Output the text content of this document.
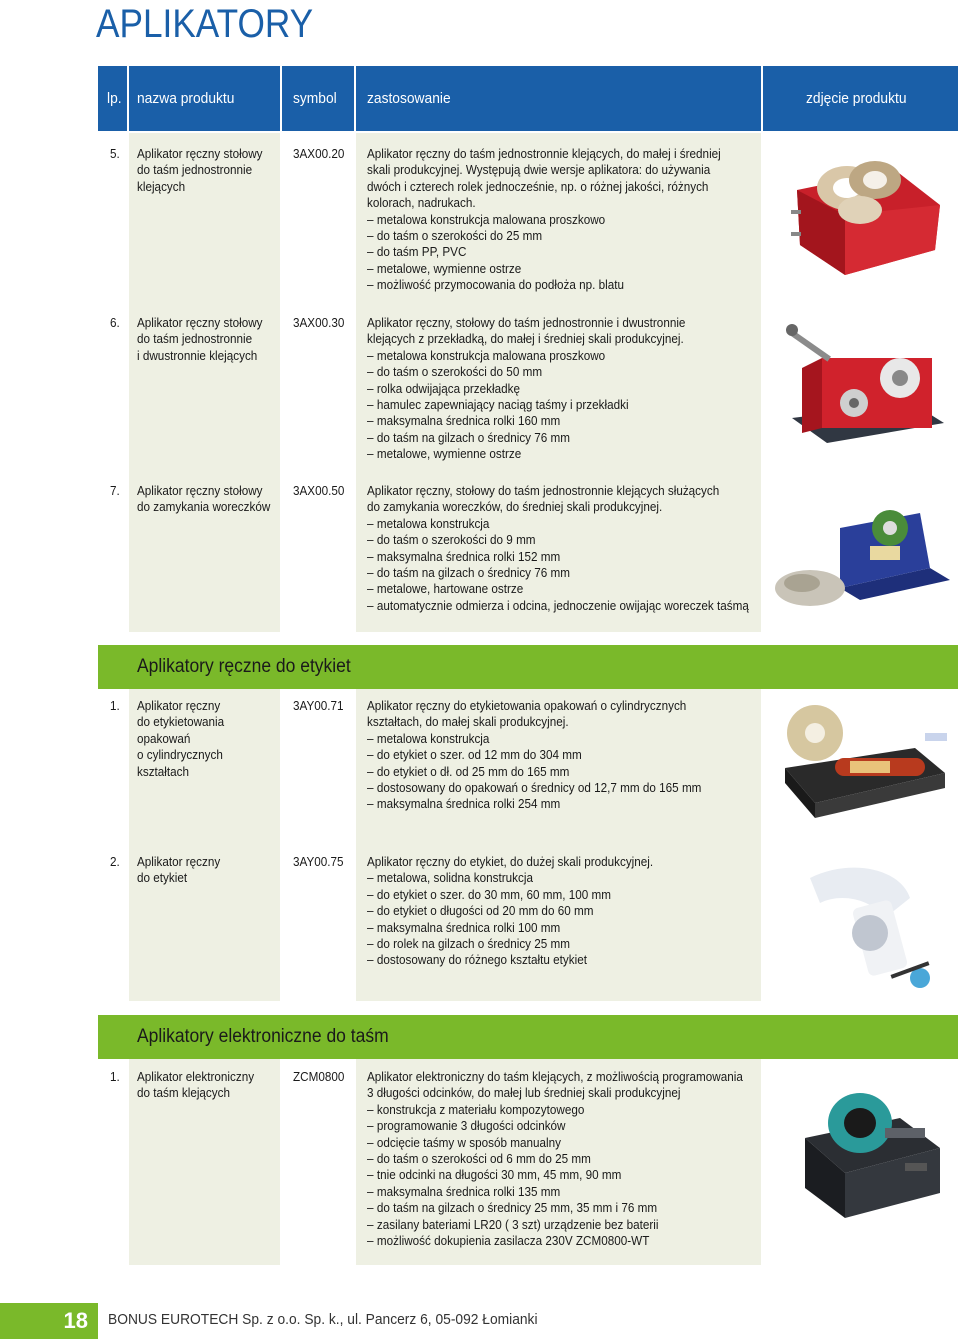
APLIKATORY
lp. nazwa produktu	symbol zastosowanie	zdjęcie produktu
5. Aplikator ręczny stołowy
do taśm jednostronnie
klejących
3AX00.20 Aplikator ręczny do taśm jednostronnie klejących, do małej i średniej
skali produkcyjnej. Występują dwie wersje aplikatora: do używania
dwóch i czterech rolek jednocześnie, np. o różnej jakości, różnych
kolorach, nadrukach.
– metalowa konstrukcja malowana proszkowo
– do taśm o szerokości do 25 mm
– do taśm PP, PVC
– metalowe, wymienne ostrze
– możliwość przymocowania do podłoża np. blatu
6. Aplikator ręczny stołowy
do taśm jednostronnie
i dwustronnie klejących
3AX00.30 Aplikator ręczny, stołowy do taśm jednostronnie i dwustronnie
klejących z przekładką, do małej i średniej skali produkcyjnej.
– metalowa konstrukcja malowana proszkowo
– do taśm o szerokości do 50 mm
– rolka odwijająca przekładkę
– hamulec zapewniający naciąg taśmy i przekładki
– maksymalna średnica rolki 160 mm
– do taśm na gilzach o średnicy 76 mm
– metalowe, wymienne ostrze
7. Aplikator ręczny stołowy
do zamykania woreczków
3AX00.50 Aplikator ręczny, stołowy do taśm jednostronnie klejących służących
do zamykania woreczków, do średniej skali produkcyjnej.
– metalowa konstrukcja
– do taśm o szerokości do 9 mm
– maksymalna średnica rolki 152 mm
– do taśm na gilzach o średnicy 76 mm
– metalowe, hartowane ostrze
– automatycznie odmierza i odcina, jednoczenie owijając woreczek taśmą
Aplikatory ręczne do etykiet
1. Aplikator ręczny
do etykietowania
opakowań
o cylindrycznych
kształtach
3AY00.71 Aplikator ręczny do etykietowania opakowań o cylindrycznych
kształtach, do małej skali produkcyjnej.
– metalowa konstrukcja
– do etykiet o szer. od 12 mm do 304 mm
– do etykiet o dł. od 25 mm do 165 mm
– dostosowany do opakowań o średnicy od 12,7 mm do 165 mm
– maksymalna średnica rolki 254 mm
2. Aplikator ręczny
do etykiet
3AY00.75 Aplikator ręczny do etykiet, do dużej skali produkcyjnej.
– metalowa, solidna konstrukcja
– do etykiet o szer. do 30 mm, 60 mm, 100 mm
– do etykiet o długości od 20 mm do 60 mm
– maksymalna średnica rolki 100 mm
– do rolek na gilzach o średnicy 25 mm
– dostosowany do różnego kształtu etykiet
Aplikatory elektroniczne do taśm
1. Aplikator elektroniczny
do taśm klejących
ZCM0800 Aplikator elektroniczny do taśm klejących, z możliwością programowania
3 długości odcinków, do małej lub średniej skali produkcyjnej
– konstrukcja z materiału kompozytowego
– programowanie 3 długości odcinków
– odcięcie taśmy w sposób manualny
– do taśm o szerokości od 6 mm do 25 mm
– tnie odcinki na długości 30 mm, 45 mm, 90 mm
– maksymalna średnica rolki 135 mm
– do taśm na gilzach o średnicy 25 mm, 35 mm i 76 mm
– zasilany bateriami LR20 ( 3 szt) urządzenie bez baterii
– możliwość dokupienia zasilacza 230V ZCM0800-WT
18	BONUS EUROTECH Sp. z o.o. Sp. k., ul. Pancerz 6, 05-092 Łomianki
